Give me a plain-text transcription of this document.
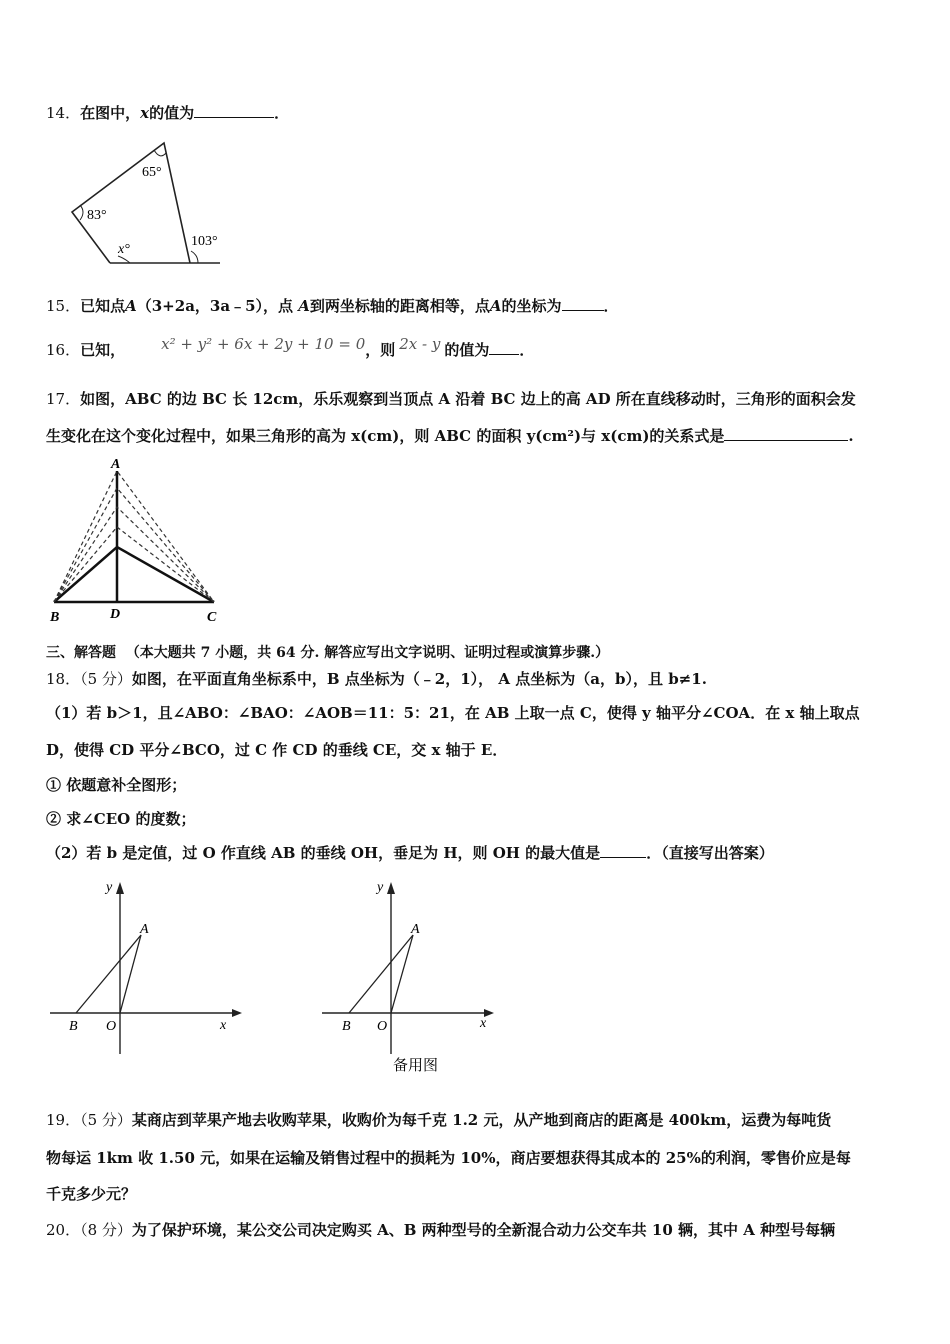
14．在图中，x的值为	．
65°
83°
x°
103°
15．已知点A（3+2a，3a﹣5），点 A到两坐标轴的距离相等，点A的坐标为	．
16．已知， x² + y² + 6x + 2y + 10 = 0，则 2x - y 的值为 ．
17．如图，ABC 的边 BC 长 12cm，乐乐观察到当顶点 A 沿着 BC 边上的高 AD 所在直线移动时，三角形的面积会发
生变化在这个变化过程中，如果三角形的高为 x(cm)，则 ABC 的面积 y(cm²)与 x(cm)的关系式是	.
A
B	D	C
三、解答题 （本大题共 7 小题，共 64 分. 解答应写出文字说明、证明过程或演算步骤.）
18．（5 分）如图，在平面直角坐标系中，B 点坐标为（﹣2，1）， A 点坐标为（a，b），且 b≠1.
（1）若 b＞1，且∠ABO：∠BAO：∠AOB＝11：5：21，在 AB 上取一点 C，使得 y 轴平分∠COA．在 x 轴上取点
D，使得 CD 平分∠BCO，过 C 作 CD 的垂线 CE，交 x 轴于 E．
① 依题意补全图形；
② 求∠CEO 的度数；
（2）若 b 是定值，过 O 作直线 AB 的垂线 OH，垂足为 H，则 OH 的最大值是	．（直接写出答案）
y
A
B O	x
y
A
B O	x
备用图
19．（5 分）某商店到苹果产地去收购苹果，收购价为每千克 1.2 元，从产地到商店的距离是 400km，运费为每吨货
物每运 1km 收 1.50 元，如果在运输及销售过程中的损耗为 10%，商店要想获得其成本的 25%的利润，零售价应是每
千克多少元？
20．（8 分）为了保护环境，某公交公司决定购买 A、B 两种型号的全新混合动力公交车共 10 辆，其中 A 种型号每辆
